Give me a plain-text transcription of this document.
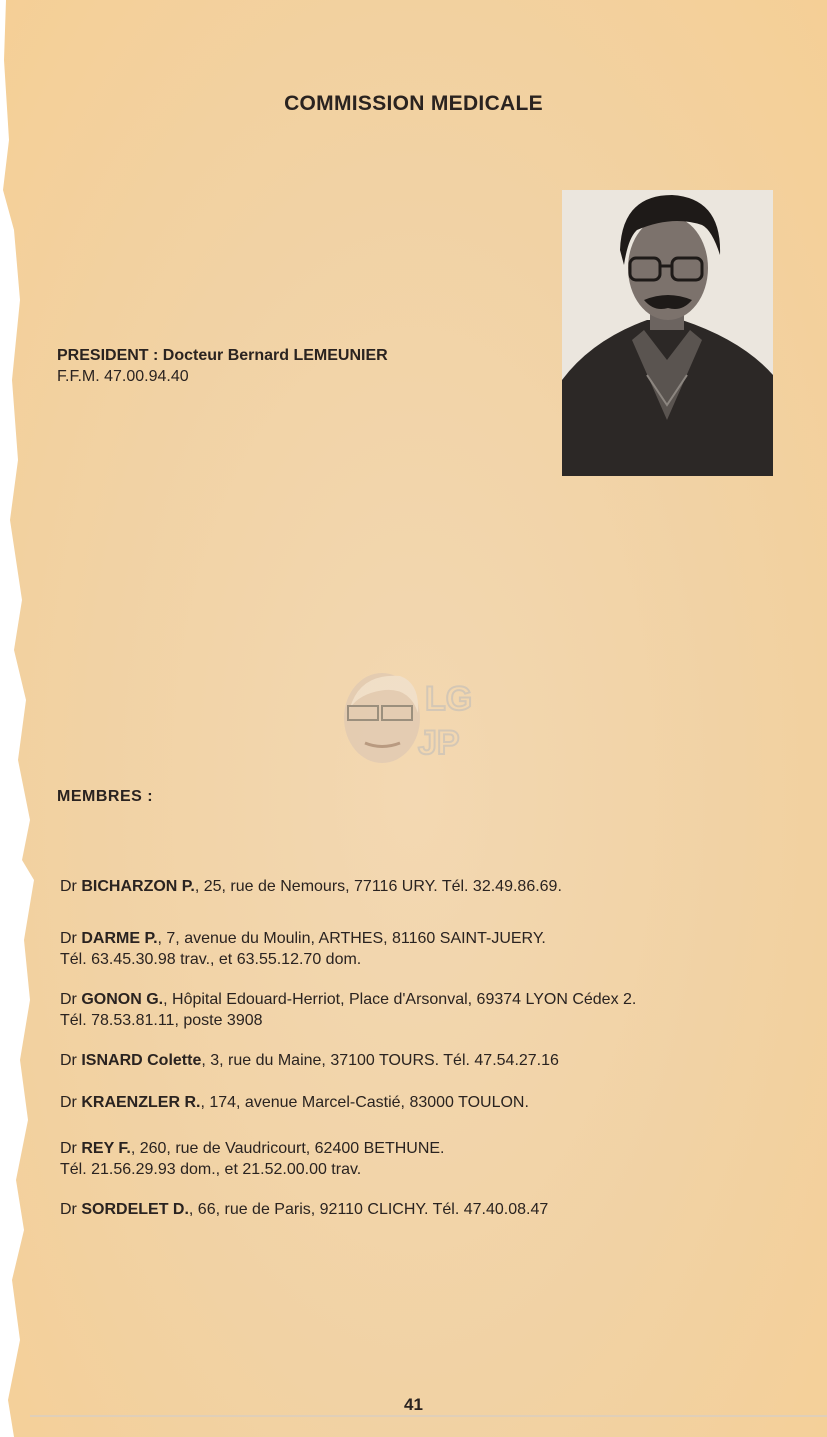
COMMISSION MEDICALE
PRESIDENT : Docteur Bernard LEMEUNIER
F.F.M. 47.00.94.40
LG
JP
MEMBRES :
Dr BICHARZON P., 25, rue de Nemours, 77116 URY. Tél. 32.49.86.69.
Dr DARME P., 7, avenue du Moulin, ARTHES, 81160 SAINT-JUERY.
Tél. 63.45.30.98 trav., et 63.55.12.70 dom.
Dr GONON G., Hôpital Edouard-Herriot, Place d'Arsonval, 69374 LYON Cédex 2.
Tél. 78.53.81.11, poste 3908
Dr ISNARD Colette, 3, rue du Maine, 37100 TOURS. Tél. 47.54.27.16
Dr KRAENZLER R., 174, avenue Marcel-Castié, 83000 TOULON.
Dr REY F., 260, rue de Vaudricourt, 62400 BETHUNE.
Tél. 21.56.29.93 dom., et 21.52.00.00 trav.
Dr SORDELET D., 66, rue de Paris, 92110 CLICHY. Tél. 47.40.08.47
41
